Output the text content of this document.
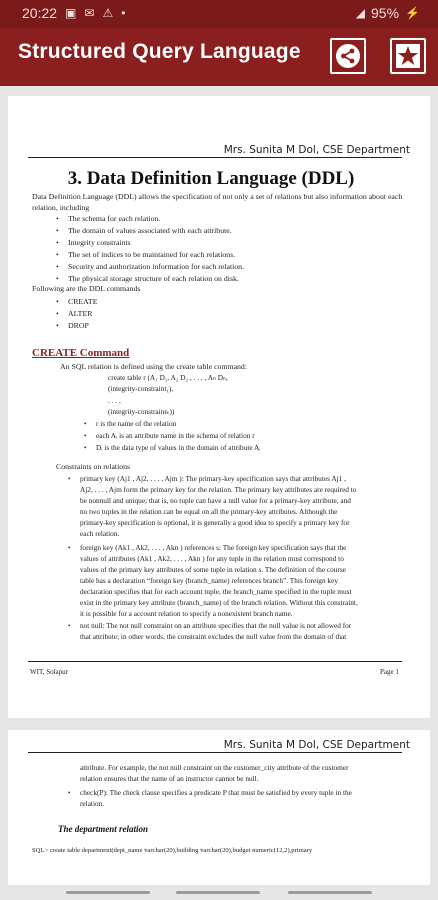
20:22 ▣ ✉ ⚠ •	◢ 95% ⚡
Structured Query Language
Mrs. Sunita M Dol, CSE Department
3. Data Definition Language (DDL)
Data Definition Language (DDL) allows the specification of not only a set of relations but also information about each relation, including
• The schema for each relation.
• The domain of values associated with each attribute.
• Integrity constraints
• The set of indices to be maintained for each relations.
• Security and authorization information for each relation.
• The physical storage structure of each relation on disk.
Following are the DDL commands
• CREATE
• ALTER
• DROP
CREATE Command
An SQL relation is defined using the create table command:
create table r (A₁ D₁, A₂ D₂ , . . . , Aₙ Dₙ,
(integrity-constraint₁),
. . . ,
(integrity-constraintₖ))
• r is the name of the relation
• each Aᵢ is an attribute name in the schema of relation r
• Dᵢ is the data type of values in the domain of attribute Aᵢ
Constraints on relations
• primary key (Aj1 , Aj2, . . . , Ajm ): The primary-key specification says that attributes Aj1 ,
Aj2, . . . , Ajm form the primary key for the relation. The primary key attributes are required to
be nonnull and unique; that is, no tuple can have a null value for a primary-key attribute, and
no two tuples in the relation can be equal on all the primary-key attributes. Although the
primary-key specification is optional, it is generally a good idea to specify a primary key for
each relation.
• foreign key (Ak1 , Ak2, . . . , Akn ) references s: The foreign key specification says that the
values of attributes (Ak1 , Ak2, . . . , Akn ) for any tuple in the relation must correspond to
values of the primary key attributes of some tuple in relation s. The definition of the course
table has a declaration “foreign key (branch_name) references branch”. This foreign key
declaration specifies that for each account tuple, the branch_name specified in the tuple must
exist in the primary key attribute (branch_name) of the branch relation. Without this constraint,
it is possible for a account relation to specify a nonexistent branch name.
• not null: The not null constraint on an attribute specifies that the null value is not allowed for
that attribute; in other words, the constraint excludes the null value from the domain of that
WIT, Solapur	Page 1
Mrs. Sunita M Dol, CSE Department
attribute. For example, the not null constraint on the customer_city attribute of the customer
relation ensures that the name of an instructor cannot be null.
• check(P): The check clause specifies a predicate P that must be satisfied by every tuple in the
relation.
The department relation
SQL> create table department(dept_name varchar(20),building varchar(20),budget numeric(12,2),primary
